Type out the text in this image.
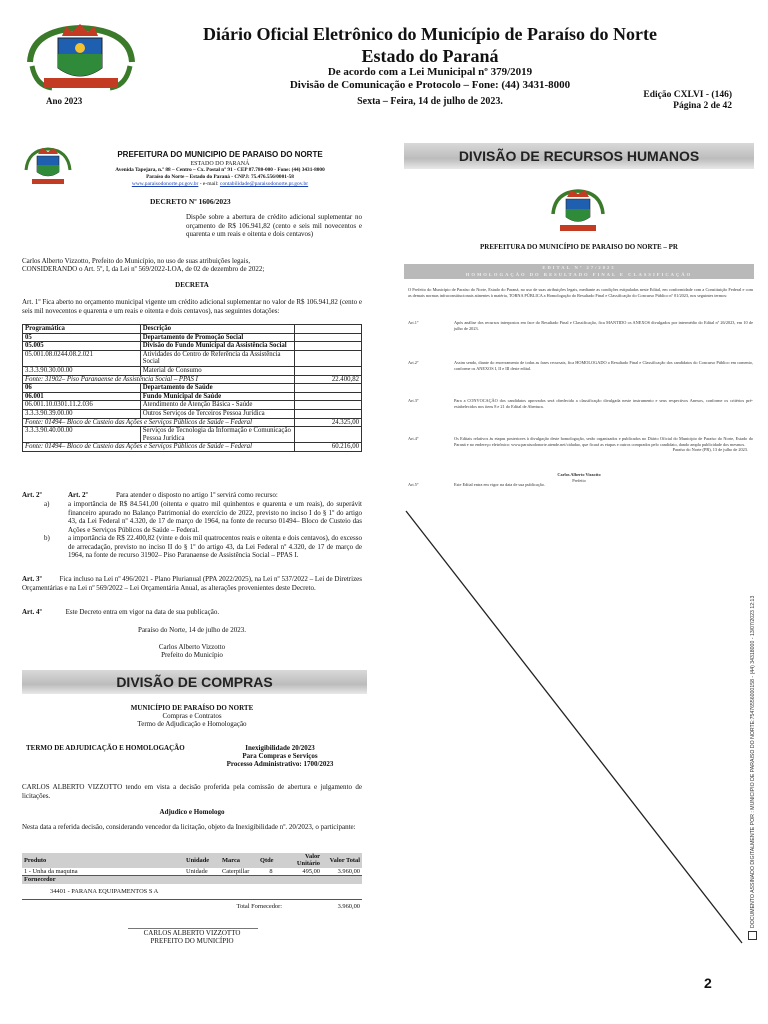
Diário Oficial Eletrônico do Município de Paraíso do Norte
Estado do Paraná
De acordo com a Lei Municipal nº 379/2019
Divisão de Comunicação e Protocolo – Fone: (44) 3431-8000
Ano 2023	Sexta – Feira, 14 de julho de 2023.
Edição CXLVI - (146)
Página 2 de 42
PREFEITURA DO MUNICIPIO DE PARAISO DO NORTE
ESTADO DO PARANÁ
Avenida Tapejara, n.º 88 – Centro – Cx. Postal nº 91 - CEP 87.780-000 - Fone: (44) 3431-8000
Paraíso do Norte – Estado do Paraná - CNPJ: 75.476.556/0001-58
www.paraisodonorte.pr.gov.br - e-mail: contabilidade@paraisodonorte.pr.gov.br
DECRETO Nº 1606/2023
Dispõe sobre a abertura de crédito adicional suplementar no orçamento de R$ 106.941,82 (cento e seis mil novecentos e quarenta e um reais e oitenta e dois centavos)
Carlos Alberto Vizzotto, Prefeito do Município, no uso de suas atribuições legais,
CONSIDERANDO o Art. 5º, I, da Lei nº 569/2022-LOA, de 02 de dezembro de 2022;
DECRETA
Art. 1º Fica aberto no orçamento municipal vigente um crédito adicional suplementar no valor de R$ 106.941,82 (cento e seis mil novecentos e quarenta e um reais e oitenta e dois centavos), nas seguintes dotações:
Programática	Descrição	
05	Departamento de Promoção Social	
05.005	Divisão do Fundo Municipal da Assistência Social	
05.001.08.0244.08.2.021	Atividades do Centro de Referência da Assistência Social	
3.3.3.90.30.00.00	Material de Consumo	
Fonte: 31902– Piso Paranaense de Assistência Social – PPAS I		22.400,82
06	Departamento de Saúde	
06.001	Fundo Municipal de Saúde	
06.001.10.0301.11.2.036	Atendimento de Atenção Básica - Saúde	
3.3.3.90.39.00.00	Outros Serviços de Terceiros Pessoa Jurídica	
Fonte: 01494– Bloco de Custeio das Ações e Serviços Públicos de Saúde – Federal		24.325,00
3.3.3.90.40.00.00	Serviços de Tecnologia da Informação e Comunicação Pessoa Jurídica	
Fonte: 01494– Bloco de Custeio das Ações e Serviços Públicos de Saúde – Federal		60.216,00
Art. 2º	Art. 2º	Para atender o disposto no artigo 1º servirá como recurso:
a)	a importância de R$ 84.541,00 (oitenta e quatro mil quinhentos e quarenta e um reais), do superávit financeiro apurado no Balanço Patrimonial do exercício de 2022, previsto no inciso I do § 1º do artigo 43, da Lei Federal nº 4.320, de 17 de março de 1964, na fonte de recurso 01494– Bloco de Custeio das Ações e Serviços Públicos de Saúde – Federal.
b)	a importância de R$ 22.400,82 (vinte e dois mil quatrocentos reais e oitenta e dois centavos), do excesso de arrecadação, previsto no inciso II do § 1º do artigo 43, da Lei Federal nº 4.320, de 17 de março de 1964, na fonte de recurso 31902– Piso Paranaense de Assistência Social – PPAS I.
Art. 3º	Fica incluso na Lei nº 496/2021 - Plano Plurianual (PPA 2022/2025), na Lei nº 537/2022 – Lei de Diretrizes Orçamentárias e na Lei nº 569/2022 – Lei Orçamentária Anual, as alterações provenientes deste Decreto.
Art. 4º	Este Decreto entra em vigor na data de sua publicação.
Paraíso do Norte, 14 de julho de 2023.
Carlos Alberto Vizzotto
Prefeito do Município
DIVISÃO DE COMPRAS
MUNICÍPIO DE PARAÍSO DO NORTE
Compras e Contratos
Termo de Adjudicação e Homologação
TERMO DE ADJUDICAÇÃO E HOMOLOGAÇÃO	Inexigibilidade 20/2023
Para Compras e Serviços
Processo Administrativo: 1700/2023
CARLOS ALBERTO VIZZOTTO tendo em vista a decisão proferida pela comissão de abertura e julgamento de licitações.
Adjudico e Homologo
Nesta data a referida decisão, considerando vencedor da licitação, objeto da Inexigibilidade nº. 20/2023, o participante:
Produto	Unidade	Marca	Qtde	Valor Unitário	Valor Total
1 - Unha da maquina	Unidade	Caterpillar	8	495,00	3.960,00
Fornecedor					
34401 - PARANA EQUIPAMENTOS S A					
Total Fornecedor:				3.960,00	
CARLOS ALBERTO VIZZOTTO
PREFEITO DO MUNICÍPIO
DIVISÃO DE RECURSOS HUMANOS
PREFEITURA DO MUNICÍPIO DE PARAISO DO NORTE – PR
EDITAL Nº 27/2023
HOMOLOGAÇÃO DO RESULTADO FINAL E CLASSIFICAÇÃO
O Prefeito do Município de Paraíso do Norte, Estado do Paraná, no uso de suas atribuições legais, mediante as condições estipuladas neste Edital, em conformidade com a Constituição Federal e com as demais normas infraconstitucionais atinentes à matéria, TORNA PÚBLICA a Homologação do Resultado Final e Classificação do Concurso Público nº 01/2023, nos seguintes termos:
Art.1º	Após análise dos recursos interpostos em face do Resultado Final e Classificação, fica MANTIDO os ANEXOS divulgados por intermédio do Edital nº 26/2023, em 10 de julho de 2023.
Art.2º	Assim sendo, diante do encerramento de todas as fases recursais, fica HOMOLOGADO o Resultado Final e Classificação dos candidatos do Concurso Público em comento, conforme os ANEXOS I, II e III deste edital.
Art.3º	Para a CONVOCAÇÃO dos candidatos aprovados será obedecida a classificação divulgada neste instrumento e seus respectivos Anexos, conforme os critérios pré-estabelecidos nos itens 8 e 21 do Edital de Abertura.
Art.4º	Os Editais relativos às etapas posteriores à divulgação deste homologação, serão organizados e publicados no Diário Oficial do Município de Paraíso do Norte, Estado do Paraná e no endereço eletrônico: www.paraisodonorte.atende.net/cidadao, que ficará as etapas e outros comprados pelo candidato, dando ampla publicidade dos mesmos.
Art.5º	Este Edital entra em vigor na data de sua publicação.
Paraíso do Norte (PR), 13 de julho de 2023.
Carlos Alberto Vizzotto
Prefeito
DOCUMENTO ASSINADO DIGITALMENTE POR : MUNICIPIO DE PARAISO DO NORTE:75476556000158 - (44) 34318000 - 13/07/2023 12:13
2
